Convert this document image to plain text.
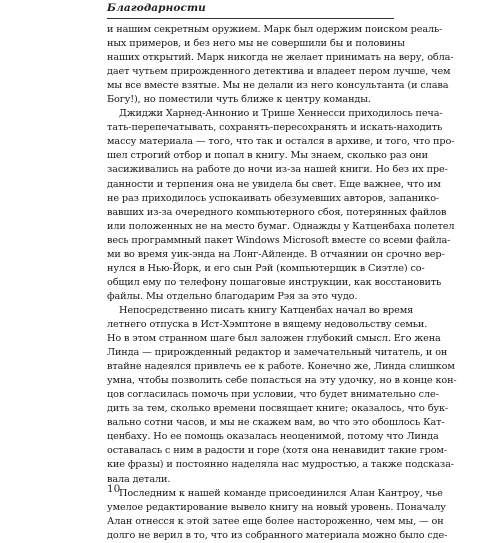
Благодарности
и нашим секретным оружием. Марк был одержим поиском реаль-
ных примеров, и без него мы не совершили бы и половины
наших открытий. Марк никогда не желает принимать на веру, обла-
дает чутьем прирожденного детектива и владеет пером лучше, чем
мы все вместе взятые. Мы не делали из него консультанта (и слава
Богу!), но поместили чуть ближе к центру команды.
Джиджи Харнед-Аннонио и Трише Хеннесси приходилось печа-
тать-перепечатывать, сохранять-пересохранять и искать-находить
массу материала — того, что так и остался в архиве, и того, что про-
шел строгий отбор и попал в книгу. Мы знаем, сколько раз они
засиживались на работе до ночи из-за нашей книги. Но без их пре-
данности и терпения она не увидела бы свет. Еще важнее, что им
не раз приходилось успокаивать обезумевших авторов, запаникo-
вавших из-за очередного компьютерного сбоя, потерянных файлов
или положенных не на место бумаг. Однажды у Катценбаха полетел
весь программный пакет Windows Microsoft вместе со всеми файла-
ми во время уик-энда на Лонг-Айленде. В отчаянии он срочно вер-
нулся в Нью-Йорк, и его сын Рэй (компьютерщик в Сиэтле) со-
общил ему по телефону пошаговые инструкции, как восстановить
файлы. Мы отдельно благодарим Рэя за это чудо.
Непосредственно писать книгу Катценбах начал во время
летнего отпуска в Ист-Хэмптоне в вящему недовольству семьи.
Но в этом странном шаге был заложен глубокий смысл. Его жена
Линда — прирожденный редактор и замечательный читатель, и он
втайне надеялся привлечь ее к работе. Конечно же, Линда слишком
умна, чтобы позволить себе попасться на эту удочку, но в конце кон-
цов согласилась помочь при условии, что будет внимательно сле-
дить за тем, сколько времени посвящает книге; оказалось, что бук-
вально сотни часов, и мы не скажем вам, во что это обошлось Кат-
ценбаху. Но ее помощь оказалась неоценимой, потому что Линда
оставалась с ним в радости и горе (хотя она ненавидит такие гром-
кие фразы) и постоянно наделяла нас мудростью, а также подсказа-
вала детали.
Последним к нашей команде присоединился Алан Кантроу, чье
умелое редактирование вывело книгу на новый уровень. Поначалу
Алан отнесся к этой затее еще более настороженно, чем мы, — он
долго не верил в то, что из собранного материала можно было сде-
10
